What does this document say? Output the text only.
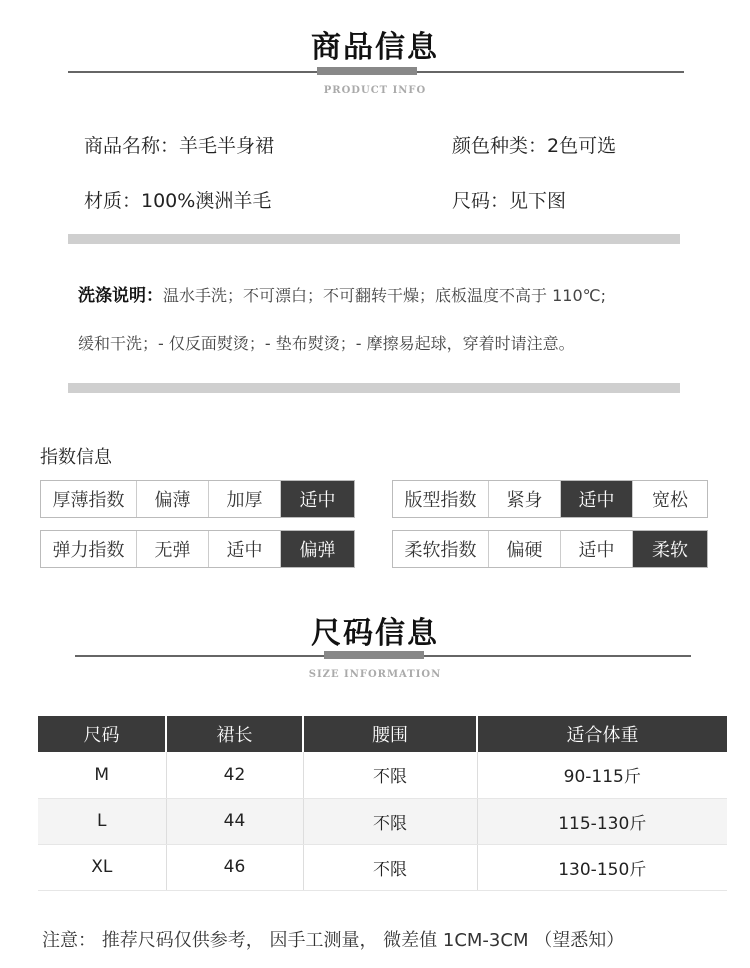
商品信息
PRODUCT INFO
商品名称：羊毛半身裙	颜色种类：2色可选
材质：100%澳洲羊毛	尺码：见下图
洗涤说明：温水手洗；不可漂白；不可翻转干燥；底板温度不高于 110℃;
缓和干洗；- 仅反面熨烫；- 垫布熨烫；- 摩擦易起球，穿着时请注意。
指数信息
厚薄指数	偏薄	加厚	适中	版型指数	紧身	适中	宽松
弹力指数	无弹	适中	偏弹	柔软指数	偏硬	适中	柔软
尺码信息
SIZE INFORMATION
尺码	裙长	腰围	适合体重
M	42	不限	90-115斤
L	44	不限	115-130斤
XL	46	不限	130-150斤
注意： 推荐尺码仅供参考， 因手工测量， 微差值 1CM-3CM （望悉知）
